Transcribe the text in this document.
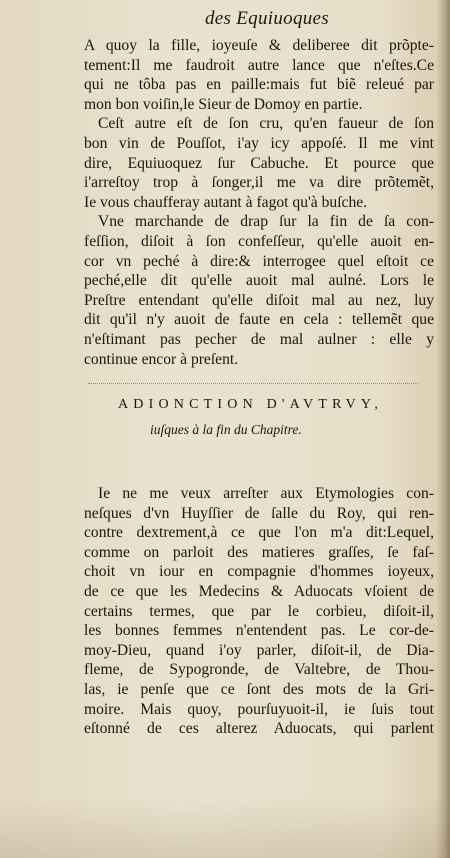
des Equiuoques
A quoy la fille, ioyeuſe & deliberee dit prõpte-
tement:Il me faudroit autre lance que n'eſtes.Ce
qui ne tôba pas en paille:mais fut biẽ releué par
mon bon voiſin,le Sieur de Domoy en partie.
Ceſt autre eſt de ſon cru, qu'en faueur de ſon
bon vin de Pouſſot, i'ay icy appoſé. Il me vint
dire, Equiuoquez ſur Cabuche. Et pource que
i'arreſtoy trop à ſonger,il me va dire prõtemẽt,
Ie vous chaufferay autant à fagot qu'à buſche.
Vne marchande de drap ſur la fin de ſa con-
feſſion, diſoit à ſon confeſſeur, qu'elle auoit en-
cor vn peché à dire:& interrogee quel eſtoit ce
peché,elle dit qu'elle auoit mal aulné. Lors le
Preſtre entendant qu'elle diſoit mal au nez, luy
dit qu'il n'y auoit de faute en cela : tellemẽt que
n'eſtimant pas pecher de mal aulner : elle y
continue encor à preſent.
ADIONCTION D'AVTRVY,
iuſques à la fin du Chapitre.
Ie ne me veux arreſter aux Etymologies con-
neſques d'vn Huyſſier de ſalle du Roy, qui ren-
contre dextrement,à ce que l'on m'a dit:Lequel,
comme on parloit des matieres graſſes, ſe faſ-
choit vn iour en compagnie d'hommes ioyeux,
de ce que les Medecins & Aduocats vſoient de
certains termes, que par le corbieu, diſoit-il,
les bonnes femmes n'entendent pas. Le cor-de-
moy-Dieu, quand i'oy parler, diſoit-il, de Dia-
fleme, de Sypogronde, de Valtebre, de Thou-
las, ie penſe que ce ſont des mots de la Gri-
moire. Mais quoy, pourſuyuoit-il, ie ſuis tout
eſtonné de ces alterez Aduocats, qui parlent
